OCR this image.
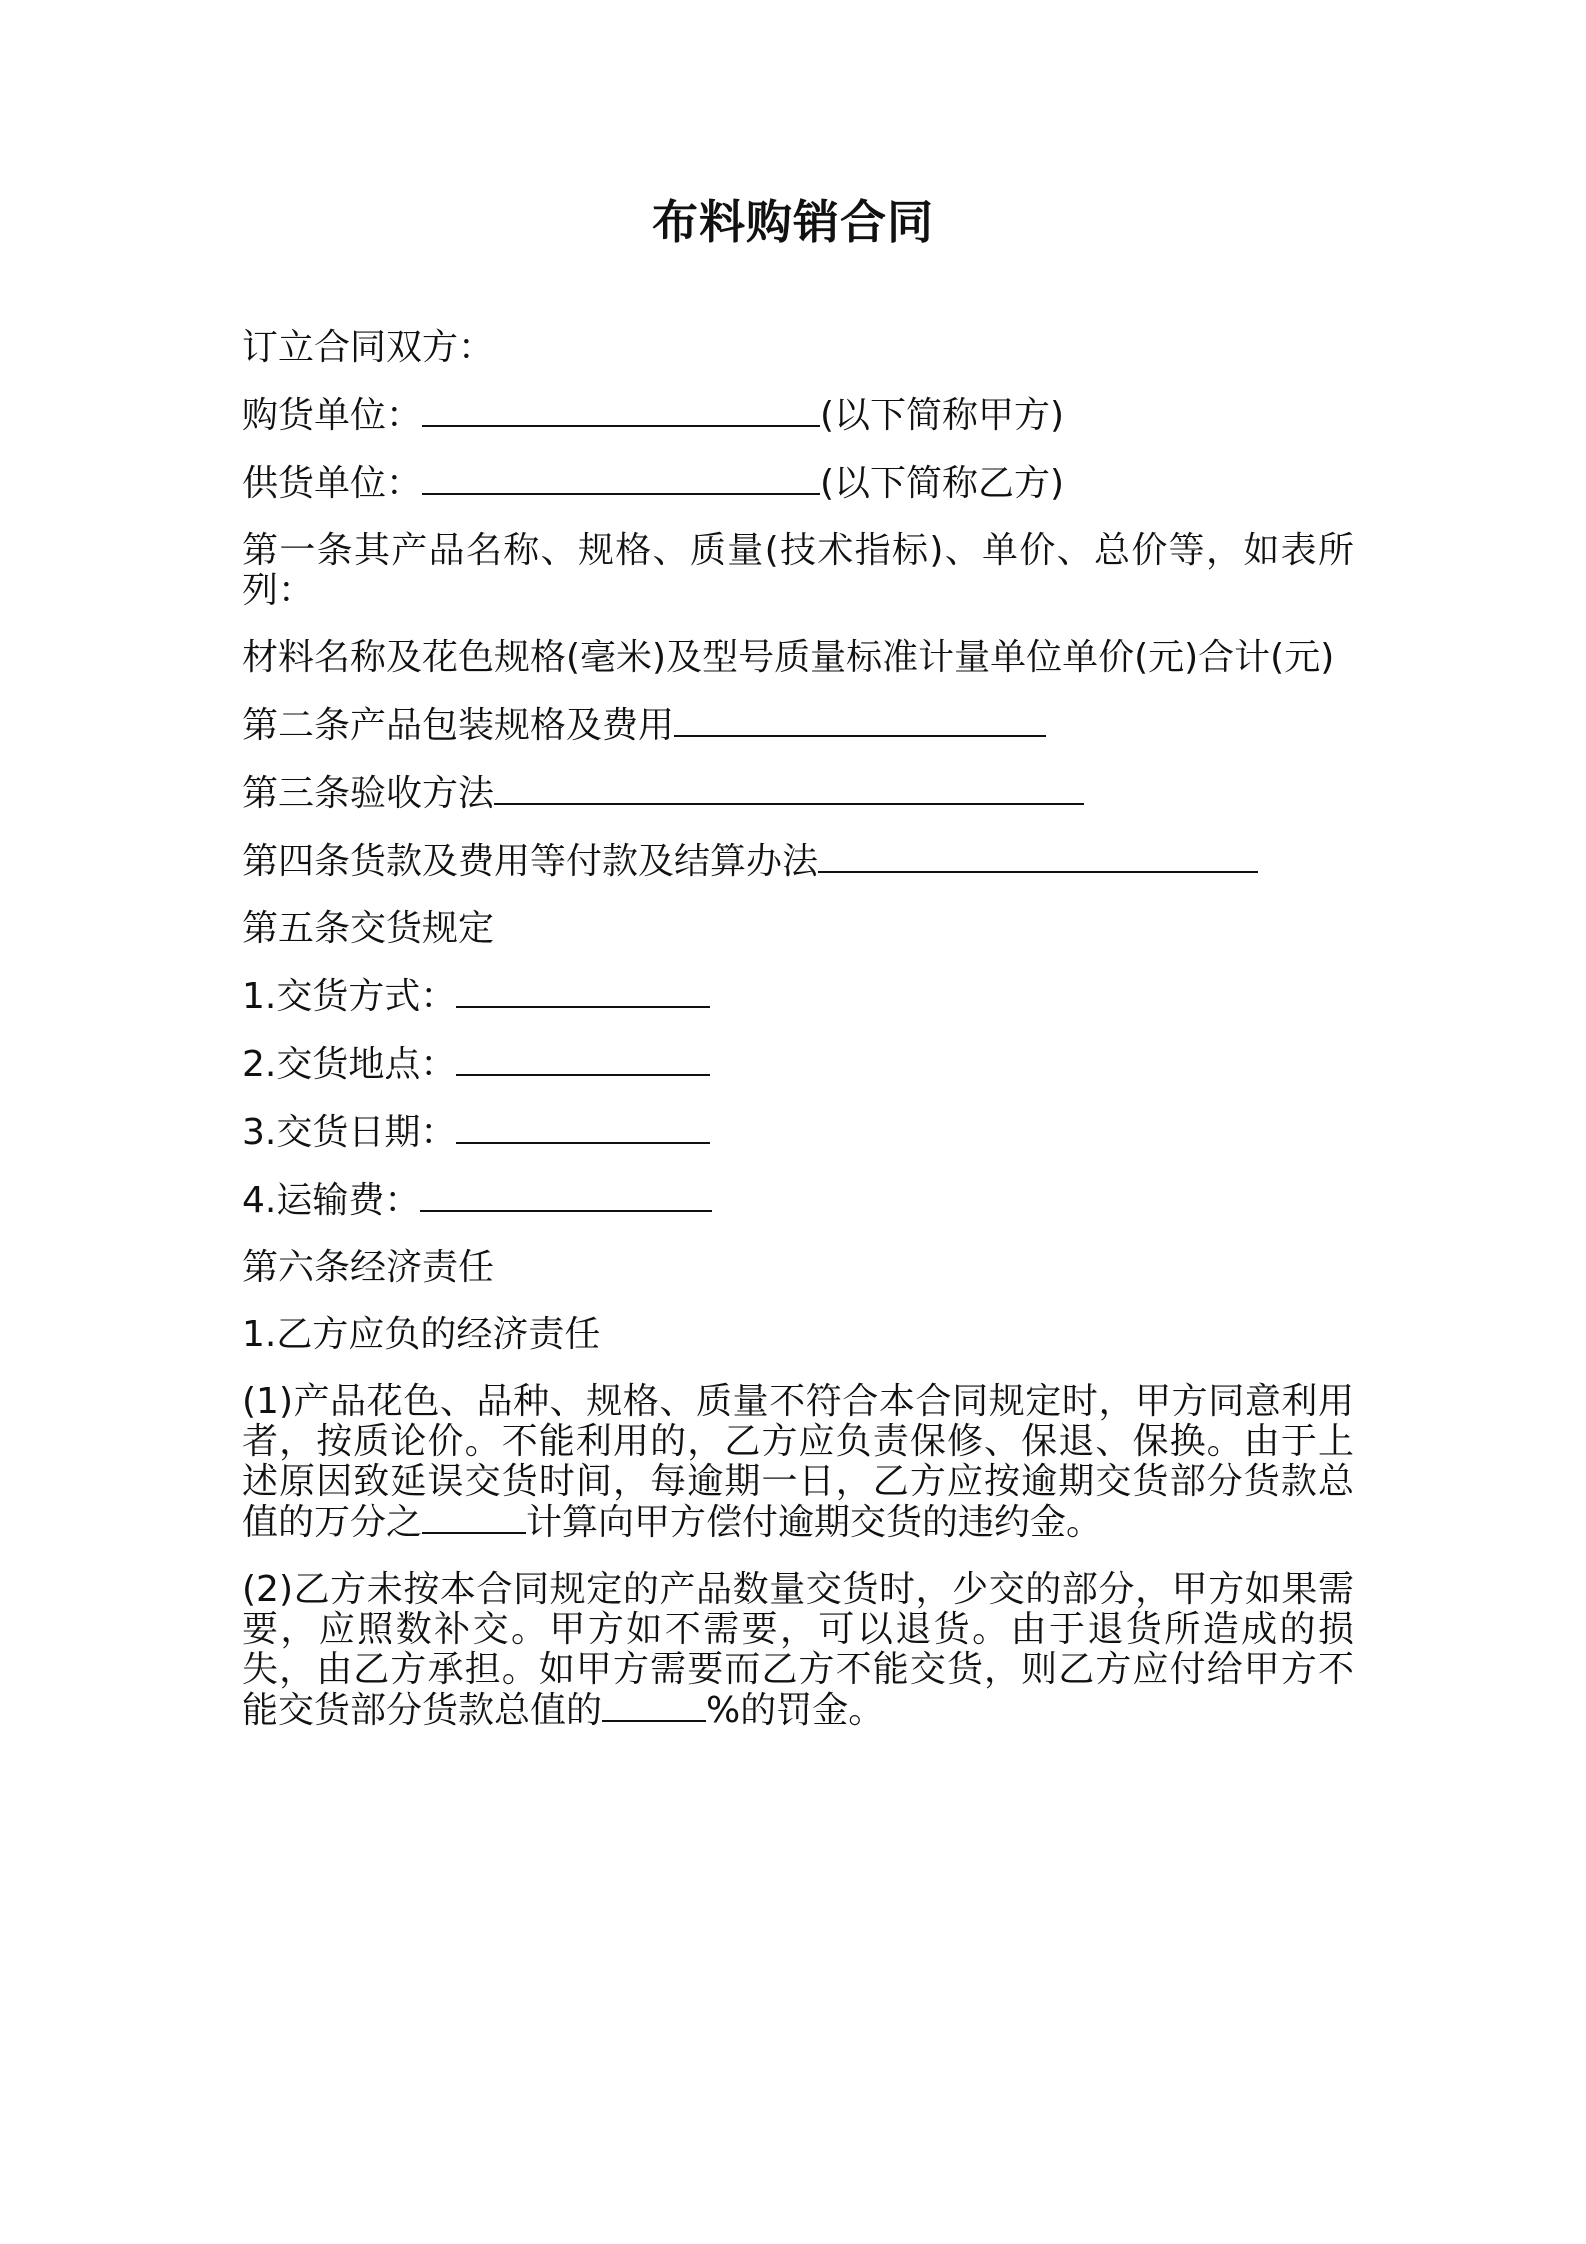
布料购销合同
订立合同双方：
购货单位：	(以下简称甲方)
供货单位：	(以下简称乙方)
第一条其产品名称、规格、质量(技术指标)、单价、总价等，如表所列：
材料名称及花色规格(毫米)及型号质量标准计量单位单价(元)合计(元)
第二条产品包装规格及费用
第三条验收方法
第四条货款及费用等付款及结算办法
第五条交货规定
1.交货方式：
2.交货地点：
3.交货日期：
4.运输费：
第六条经济责任
1.乙方应负的经济责任
(1)产品花色、品种、规格、质量不符合本合同规定时，甲方同意利用者，按质论价。不能利用的，乙方应负责保修、保退、保换。由于上述原因致延误交货时间，每逾期一日，乙方应按逾期交货部分货款总值的万分之	计算向甲方偿付逾期交货的违约金。
(2)乙方未按本合同规定的产品数量交货时，少交的部分，甲方如果需要，应照数补交。甲方如不需要，可以退货。由于退货所造成的损失，由乙方承担。如甲方需要而乙方不能交货，则乙方应付给甲方不能交货部分货款总值的	%的罚金。
